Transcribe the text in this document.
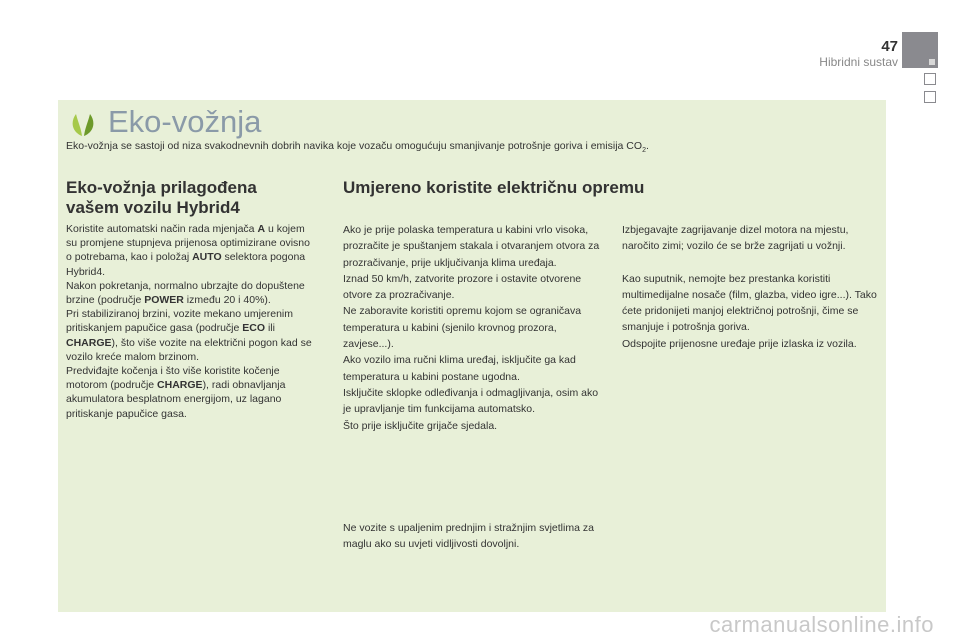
47
Hibridni sustav
Eko-vožnja

Eko-vožnja se sastoji od niza svakodnevnih dobrih navika koje vozaču omogućuju smanjivanje potrošnje goriva i emisija $CO_2$.

Eko-vožnja prilagođena
vašem vozilu Hybrid4
Umjereno koristite električnu opremu

Koristite automatski način rada mjenjača A u kojem su promjene stupnjeva prijenosa optimizirane ovisno o potrebama, kao i položaj AUTO selektora pogona Hybrid4.

Nakon pokretanja, normalno ubrzajte do dopuštene brzine (područje POWER između 20 i 40%).

Pri stabiliziranoj brzini, vozite mekano umjerenim pritiskanjem papučice gasa (područje ECO ili CHARGE), što više vozite na električni pogon kad se vozilo kreće malom brzinom.

Predviđajte kočenja i što više koristite kočenje motorom (područje CHARGE), radi obnavljanja akumulatora besplatnom energijom, uz lagano pritiskanje papučice gasa.

Ako je prije polaska temperatura u kabini vrlo visoka, prozračite je spuštanjem stakala i otvaranjem otvora za prozračivanje, prije uključivanja klima uređaja.

Iznad 50 km/h, zatvorite prozore i ostavite otvorene otvore za prozračivanje.

Ne zaboravite koristiti opremu kojom se ograničava temperatura u kabini (sjenilo krovnog prozora, zavjese...).

Ako vozilo ima ručni klima uređaj, isključite ga kad temperatura u kabini postane ugodna.

Isključite sklopke odleđivanja i odmagljivanja, osim ako je upravljanje tim funkcijama automatsko.

Što prije isključite grijače sjedala.

Ne vozite s upaljenim prednjim i stražnjim svjetlima za maglu ako su uvjeti vidljivosti dovoljni.

Izbjegavajte zagrijavanje dizel motora na mjestu, naročito zimi; vozilo će se brže zagrijati u vožnji.

Kao suputnik, nemojte bez prestanka koristiti multimedijalne nosače (film, glazba, video igre...). Tako ćete pridonijeti manjoj električnoj potrošnji, čime se smanjuje i potrošnja goriva.

Odspojite prijenosne uređaje prije izlaska iz vozila.

carmanualsonline.info
